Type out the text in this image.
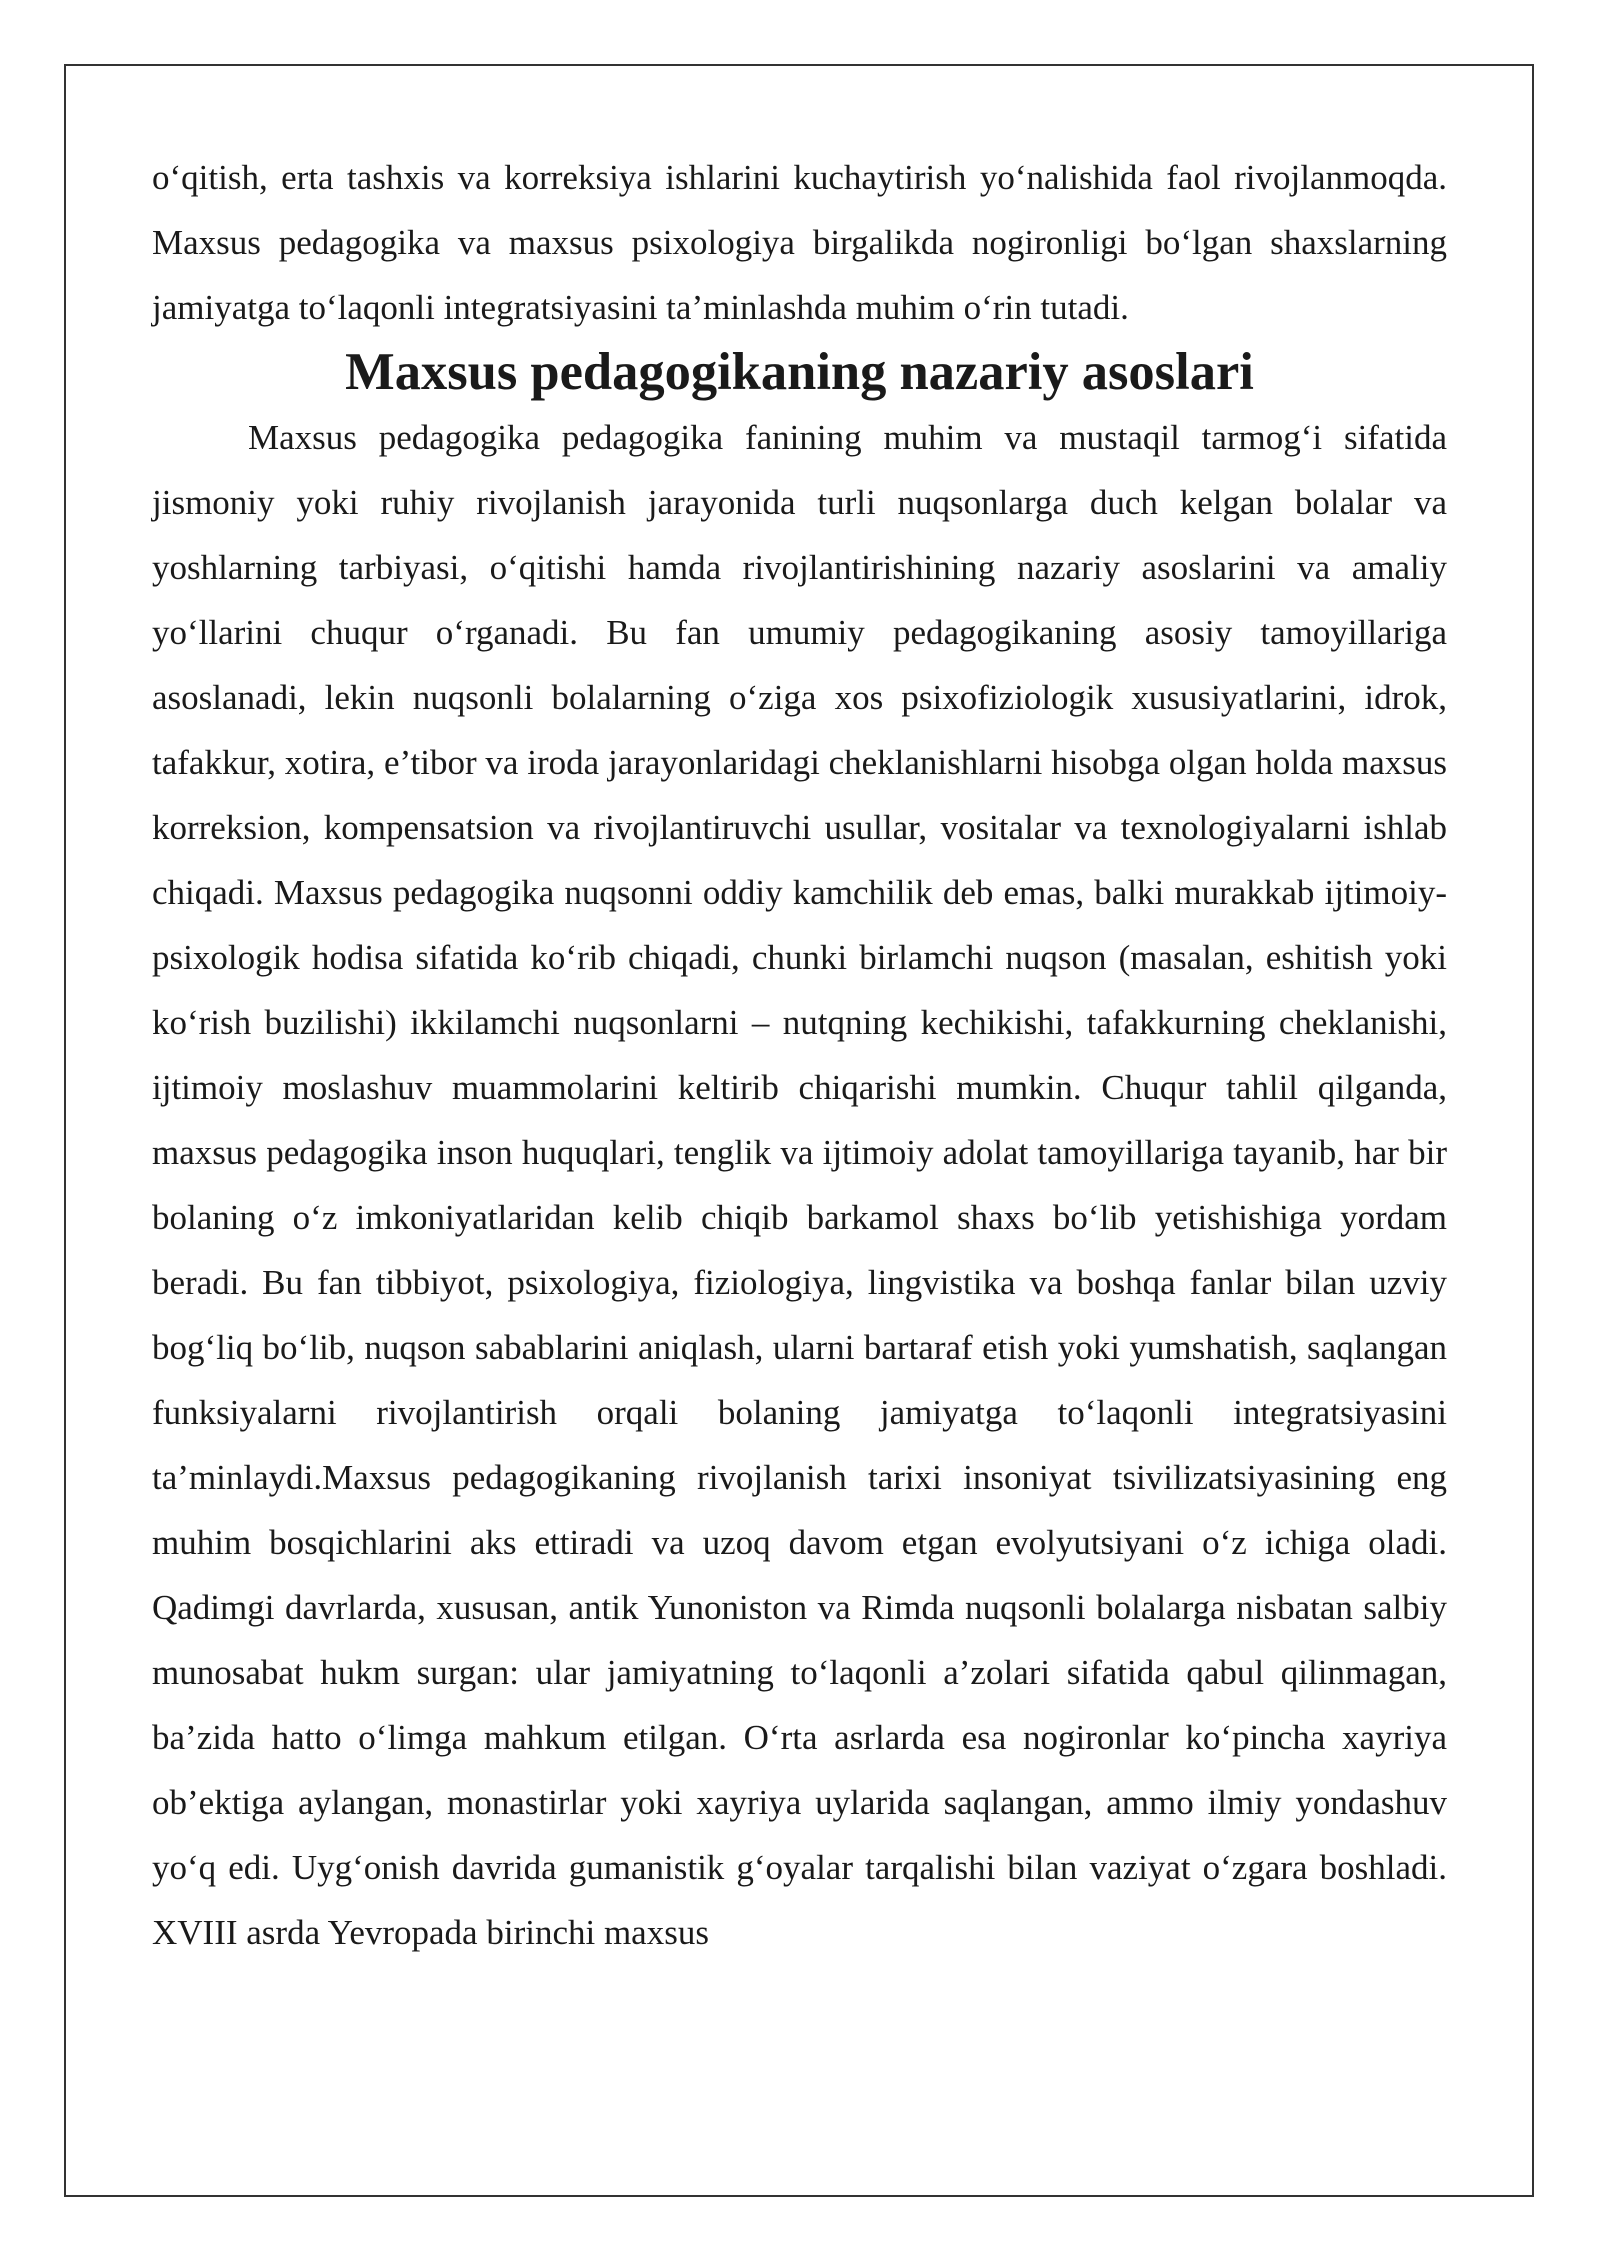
o‘qitish, erta tashxis va korreksiya ishlarini kuchaytirish yo‘nalishida faol rivojlanmoqda. Maxsus pedagogika va maxsus psixologiya birgalikda nogironligi bo‘lgan shaxslarning jamiyatga to‘laqonli integratsiyasini ta’minlashda muhim o‘rin tutadi.

Maxsus pedagogikaning nazariy asoslari

Maxsus pedagogika pedagogika fanining muhim va mustaqil tarmog‘i sifatida jismoniy yoki ruhiy rivojlanish jarayonida turli nuqsonlarga duch kelgan bolalar va yoshlarning tarbiyasi, o‘qitishi hamda rivojlantirishining nazariy asoslarini va amaliy yo‘llarini chuqur o‘rganadi. Bu fan umumiy pedagogikaning asosiy tamoyillariga asoslanadi, lekin nuqsonli bolalarning o‘ziga xos psixofiziologik xususiyatlarini, idrok, tafakkur, xotira, e’tibor va iroda jarayonlaridagi cheklanishlarni hisobga olgan holda maxsus korreksion, kompensatsion va rivojlantiruvchi usullar, vositalar va texnologiyalarni ishlab chiqadi. Maxsus pedagogika nuqsonni oddiy kamchilik deb emas, balki murakkab ijtimoiy-psixologik hodisa sifatida ko‘rib chiqadi, chunki birlamchi nuqson (masalan, eshitish yoki ko‘rish buzilishi) ikkilamchi nuqsonlarni – nutqning kechikishi, tafakkurning cheklanishi, ijtimoiy moslashuv muammolarini keltirib chiqarishi mumkin. Chuqur tahlil qilganda, maxsus pedagogika inson huquqlari, tenglik va ijtimoiy adolat tamoyillariga tayanib, har bir bolaning o‘z imkoniyatlaridan kelib chiqib barkamol shaxs bo‘lib yetishishiga yordam beradi. Bu fan tibbiyot, psixologiya, fiziologiya, lingvistika va boshqa fanlar bilan uzviy bog‘liq bo‘lib, nuqson sabablarini aniqlash, ularni bartaraf etish yoki yumshatish, saqlangan funksiyalarni rivojlantirish orqali bolaning jamiyatga to‘laqonli integratsiyasini ta’minlaydi.Maxsus pedagogikaning rivojlanish tarixi insoniyat tsivilizatsiyasining eng muhim bosqichlarini aks ettiradi va uzoq davom etgan evolyutsiyani o‘z ichiga oladi. Qadimgi davrlarda, xususan, antik Yunoniston va Rimda nuqsonli bolalarga nisbatan salbiy munosabat hukm surgan: ular jamiyatning to‘laqonli a’zolari sifatida qabul qilinmagan, ba’zida hatto o‘limga mahkum etilgan. O‘rta asrlarda esa nogironlar ko‘pincha xayriya ob’ektiga aylangan, monastirlar yoki xayriya uylarida saqlangan, ammo ilmiy yondashuv yo‘q edi. Uyg‘onish davrida gumanistik g‘oyalar tarqalishi bilan vaziyat o‘zgara boshladi. XVIII asrda Yevropada birinchi maxsus
